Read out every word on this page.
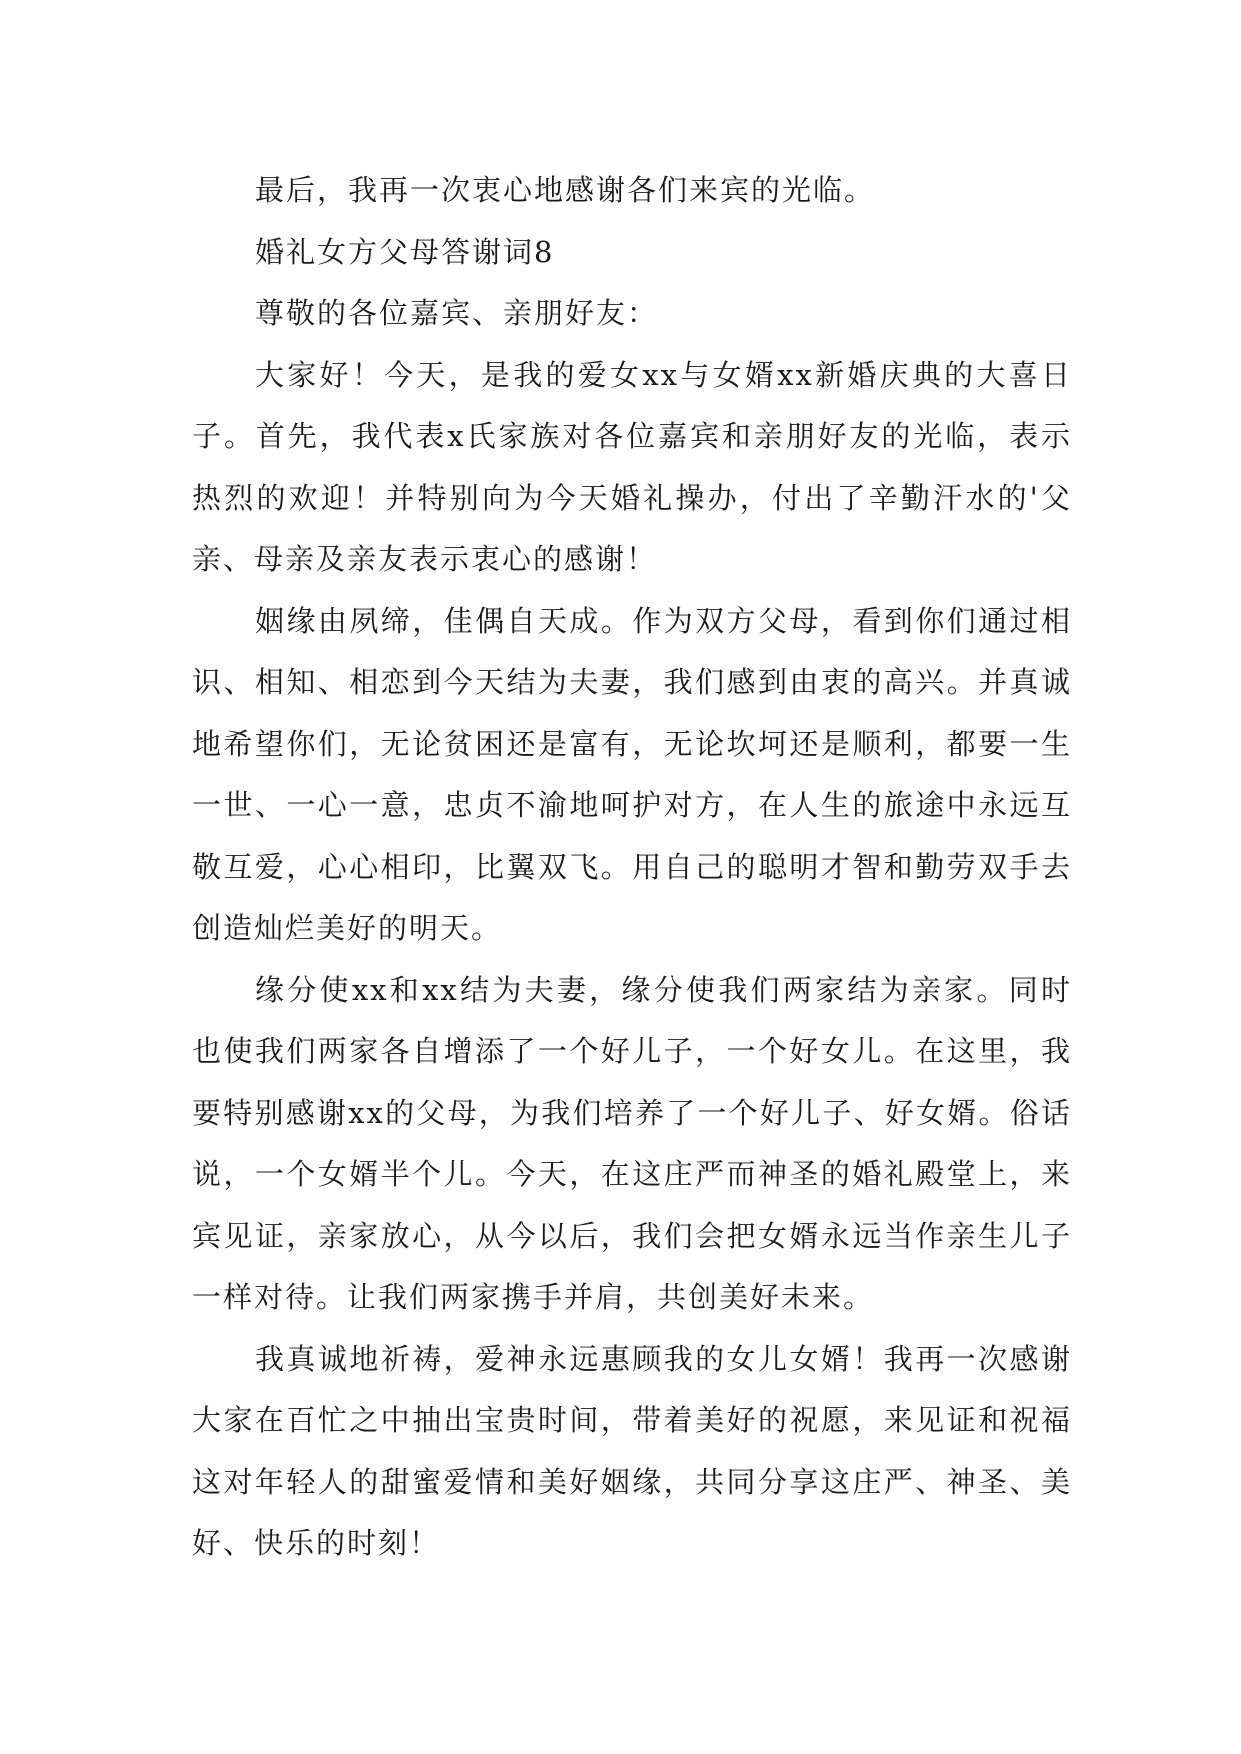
最后，我再一次衷心地感谢各们来宾的光临。

婚礼女方父母答谢词8

尊敬的各位嘉宾、亲朋好友：

大家好！今天，是我的爱女xx与女婿xx新婚庆典的大喜日子。首先，我代表x氏家族对各位嘉宾和亲朋好友的光临，表示热烈的欢迎！并特别向为今天婚礼操办，付出了辛勤汗水的'父亲、母亲及亲友表示衷心的感谢！

姻缘由夙缔，佳偶自天成。作为双方父母，看到你们通过相识、相知、相恋到今天结为夫妻，我们感到由衷的高兴。并真诚地希望你们，无论贫困还是富有，无论坎坷还是顺利，都要一生一世、一心一意，忠贞不渝地呵护对方，在人生的旅途中永远互敬互爱，心心相印，比翼双飞。用自己的聪明才智和勤劳双手去创造灿烂美好的明天。

缘分使xx和xx结为夫妻，缘分使我们两家结为亲家。同时也使我们两家各自增添了一个好儿子，一个好女儿。在这里，我要特别感谢xx的父母，为我们培养了一个好儿子、好女婿。俗话说，一个女婿半个儿。今天，在这庄严而神圣的婚礼殿堂上，来宾见证，亲家放心，从今以后，我们会把女婿永远当作亲生儿子一样对待。让我们两家携手并肩，共创美好未来。

我真诚地祈祷，爱神永远惠顾我的女儿女婿！我再一次感谢大家在百忙之中抽出宝贵时间，带着美好的祝愿，来见证和祝福这对年轻人的甜蜜爱情和美好姻缘，共同分享这庄严、神圣、美好、快乐的时刻！
